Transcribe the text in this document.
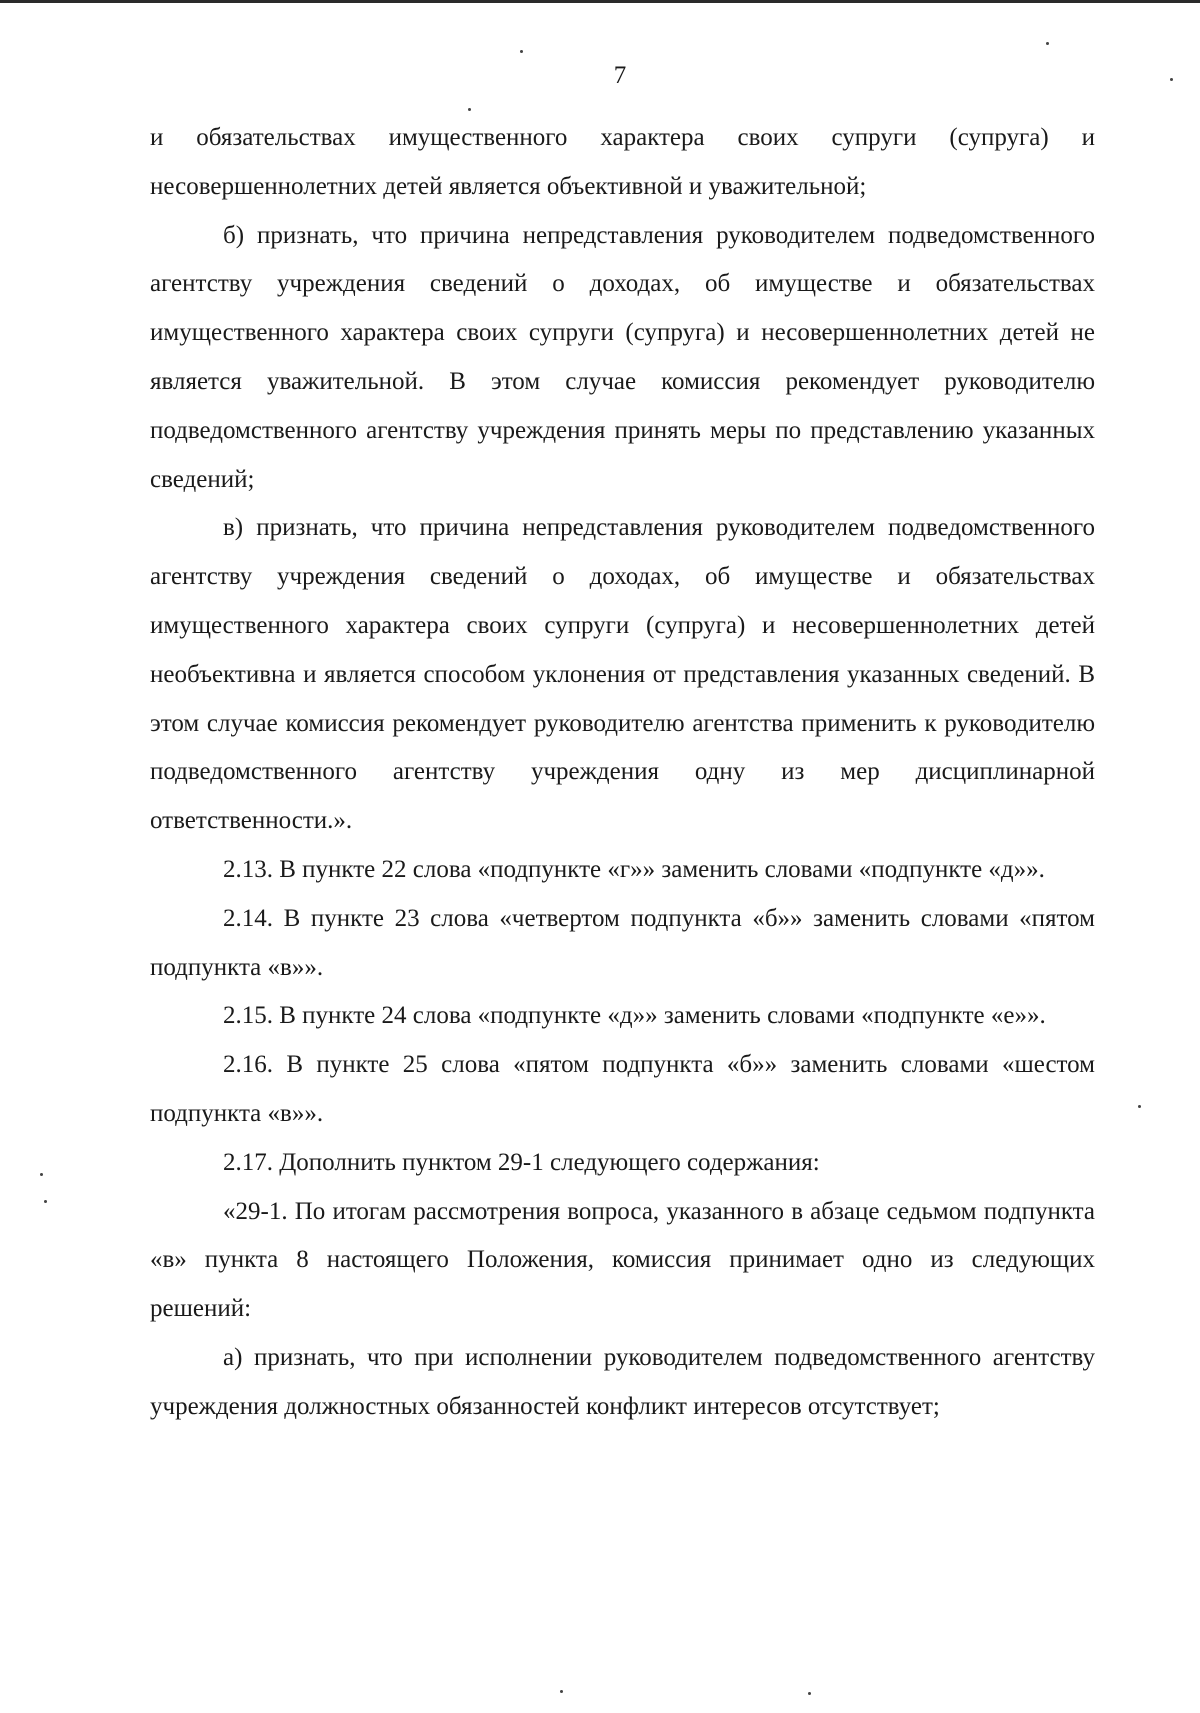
7

и обязательствах имущественного характера своих супруги (супруга) и несовершеннолетних детей является объективной и уважительной;

б) признать, что причина непредставления руководителем подведомственного агентству учреждения сведений о доходах, об имуществе и обязательствах имущественного характера своих супруги (супруга) и несовершеннолетних детей не является уважительной. В этом случае комиссия рекомендует руководителю подведомственного агентству учреждения принять меры по представлению указанных сведений;

в) признать, что причина непредставления руководителем подведомственного агентству учреждения сведений о доходах, об имуществе и обязательствах имущественного характера своих супруги (супруга) и несовершеннолетних детей необъективна и является способом уклонения от представления указанных сведений. В этом случае комиссия рекомендует руководителю агентства применить к руководителю подведомственного агентству учреждения одну из мер дисциплинарной ответственности.».

2.13. В пункте 22 слова «подпункте «г»» заменить словами «подпункте «д»».

2.14. В пункте 23 слова «четвертом подпункта «б»» заменить словами «пятом подпункта «в»».

2.15. В пункте 24 слова «подпункте «д»» заменить словами «подпункте «е»».

2.16. В пункте 25 слова «пятом подпункта «б»» заменить словами «шестом подпункта «в»».

2.17. Дополнить пунктом 29-1 следующего содержания:

«29-1. По итогам рассмотрения вопроса, указанного в абзаце седьмом подпункта «в» пункта 8 настоящего Положения, комиссия принимает одно из следующих решений:

а) признать, что при исполнении руководителем подведомственного агентству учреждения должностных обязанностей конфликт интересов отсутствует;
